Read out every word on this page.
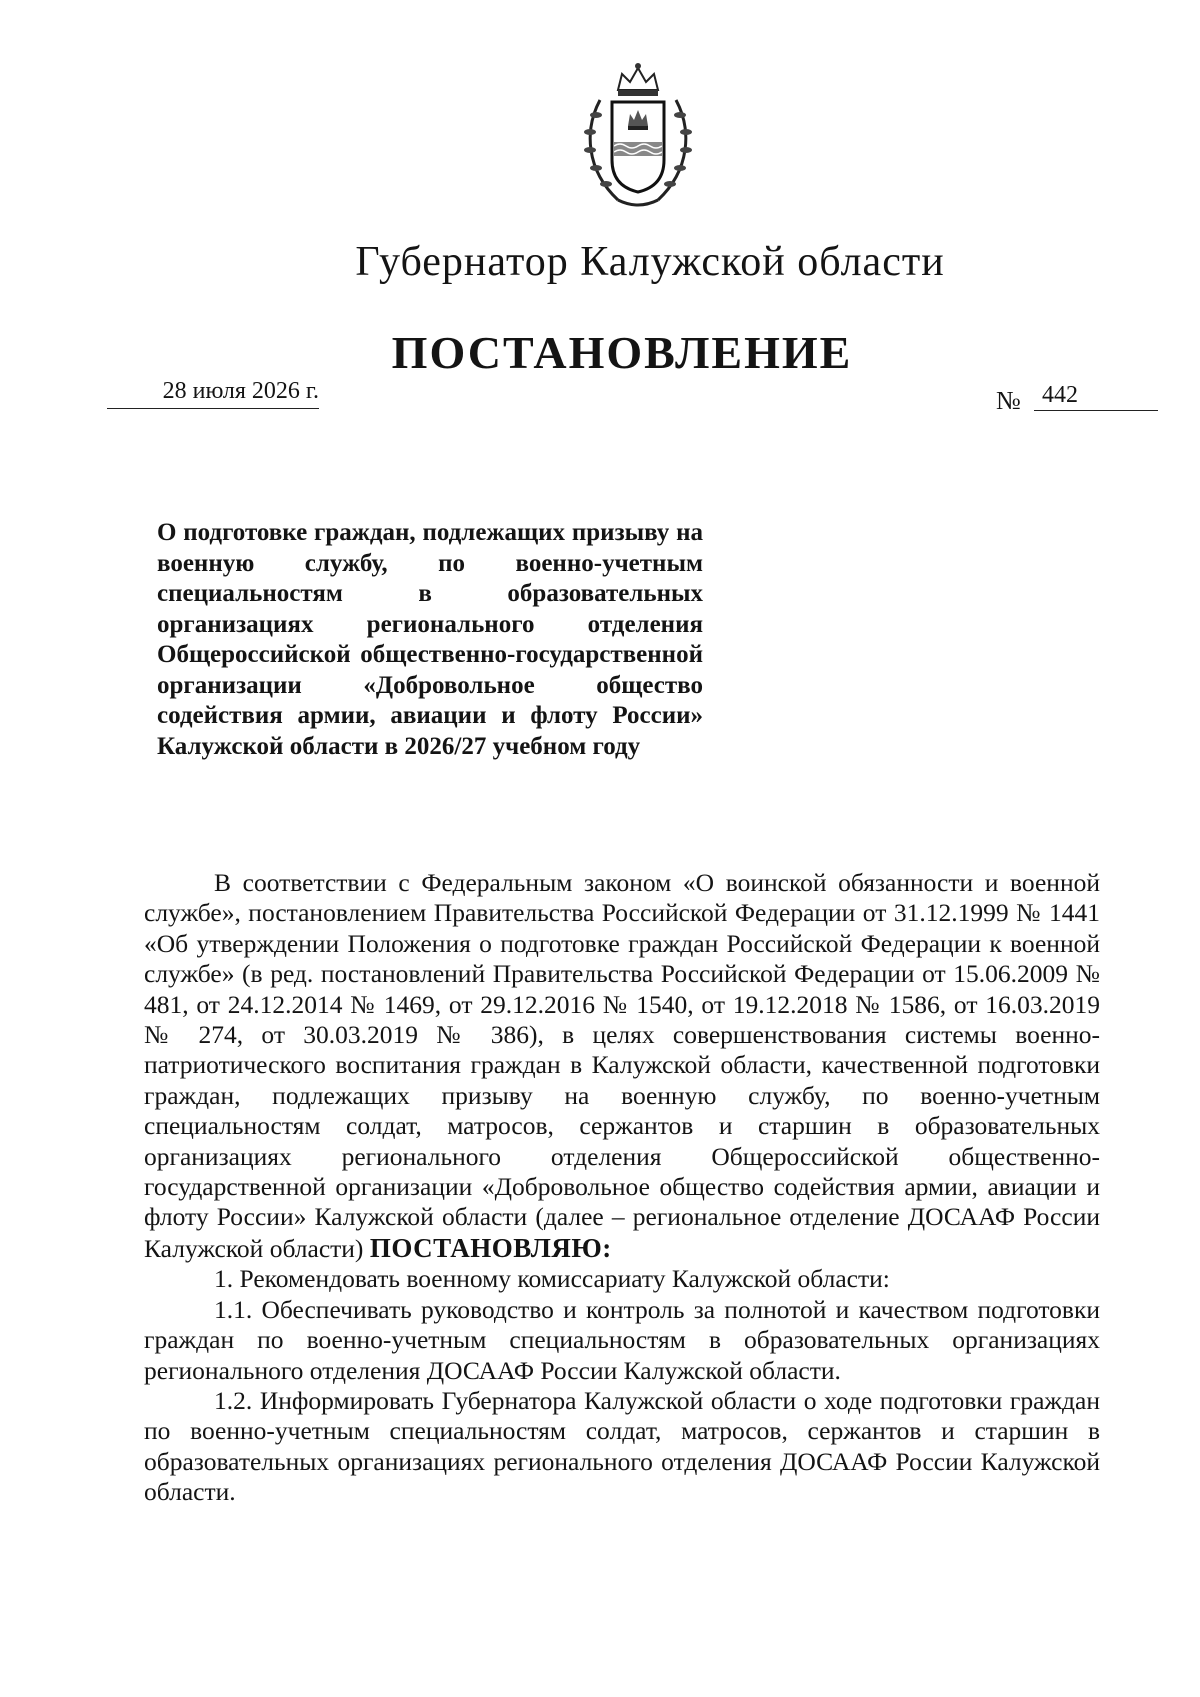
Губернатор Калужской области
ПОСТАНОВЛЕНИЕ
28 июля 2026 г.	№ 442
О подготовке граждан, подлежащих призыву на военную службу, по военно-учетным специальностям в образовательных организациях регионального отделения Общероссийской общественно-государственной организации «Добровольное общество содействия армии, авиации и флоту России» Калужской области в 2026/27 учебном году

В соответствии с Федеральным законом «О воинской обязанности и военной службе», постановлением Правительства Российской Федерации от 31.12.1999 № 1441 «Об утверждении Положения о подготовке граждан Российской Федерации к военной службе» (в ред. постановлений Правительства Российской Федерации от 15.06.2009 № 481, от 24.12.2014 № 1469, от 29.12.2016 № 1540, от 19.12.2018 № 1586, от 16.03.2019 № 274, от 30.03.2019 № 386), в целях совершенствования системы военно-патриотического воспитания граждан в Калужской области, качественной подготовки граждан, подлежащих призыву на военную службу, по военно-учетным специальностям солдат, матросов, сержантов и старшин в образовательных организациях регионального отделения Общероссийской общественно-государственной организации «Добровольное общество содействия армии, авиации и флоту России» Калужской области (далее – региональное отделение ДОСААФ России Калужской области) ПОСТАНОВЛЯЮ:

1. Рекомендовать военному комиссариату Калужской области:

1.1. Обеспечивать руководство и контроль за полнотой и качеством подготовки граждан по военно-учетным специальностям в образовательных организациях регионального отделения ДОСААФ России Калужской области.

1.2. Информировать Губернатора Калужской области о ходе подготовки граждан по военно-учетным специальностям солдат, матросов, сержантов и старшин в образовательных организациях регионального отделения ДОСААФ России Калужской области.
